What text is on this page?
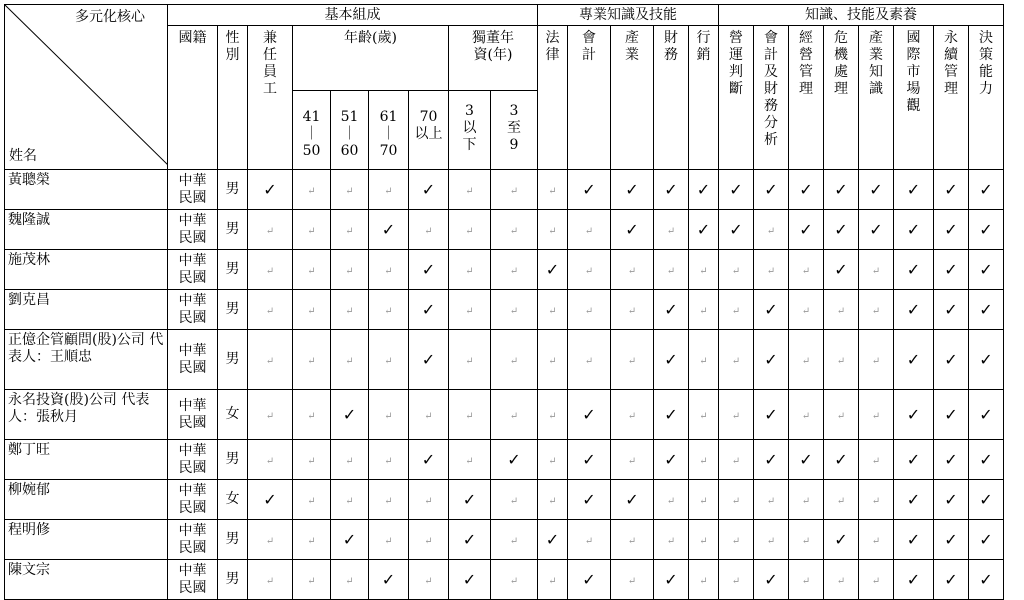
多元化核心
姓名	基本組成									專業知識及技能					知識、技能及素養							
	國籍	性別	兼任員工	年齡(歲)				獨董年資(年)		法律	會計	產業	財務	行銷	營運判斷	會計及財務分析	經營管理	危機處理	產業知識	國際市場觀	永續管理	決策能力
				41｜50	51｜60	61｜70	70以上	3以下	3至9													
黃聰榮	中華民國	男	✓	↵	↵	↵	✓	↵	↵	↵	✓	✓	✓	✓	✓	✓	✓	✓	✓	✓	✓	✓
魏隆誠	中華民國	男	↵	↵	↵	✓	↵	↵	↵	↵	↵	✓	↵	✓	✓	↵	✓	✓	✓	✓	✓	✓
施茂林	中華民國	男	↵	↵	↵	↵	✓	↵	↵	✓	↵	↵	↵	↵	↵	↵	↵	✓	↵	✓	✓	✓
劉克昌	中華民國	男	↵	↵	↵	↵	✓	↵	↵	↵	↵	↵	✓	↵	↵	✓	↵	↵	↵	✓	✓	✓
正億企管顧問(股)公司 代表人：王順忠	中華民國	男	↵	↵	↵	↵	✓	↵	↵	↵	↵	↵	✓	↵	↵	✓	↵	↵	↵	✓	✓	✓
永名投資(股)公司 代表人：張秋月	中華民國	女	↵	↵	✓	↵	↵	↵	↵	↵	✓	↵	✓	↵	↵	✓	↵	↵	↵	✓	✓	✓
鄭丁旺	中華民國	男	↵	↵	↵	↵	✓	↵	✓	↵	✓	↵	✓	↵	↵	✓	✓	✓	↵	✓	✓	✓
柳婉郁	中華民國	女	✓	↵	↵	↵	↵	✓	↵	↵	✓	✓	↵	↵	↵	↵	↵	↵	↵	✓	✓	✓
程明修	中華民國	男	↵	↵	✓	↵	↵	✓	↵	✓	↵	↵	↵	↵	↵	↵	↵	✓	↵	✓	✓	✓
陳文宗	中華民國	男	↵	↵	↵	✓	↵	✓	↵	↵	✓	↵	✓	↵	↵	✓	↵	↵	↵	✓	✓	✓
